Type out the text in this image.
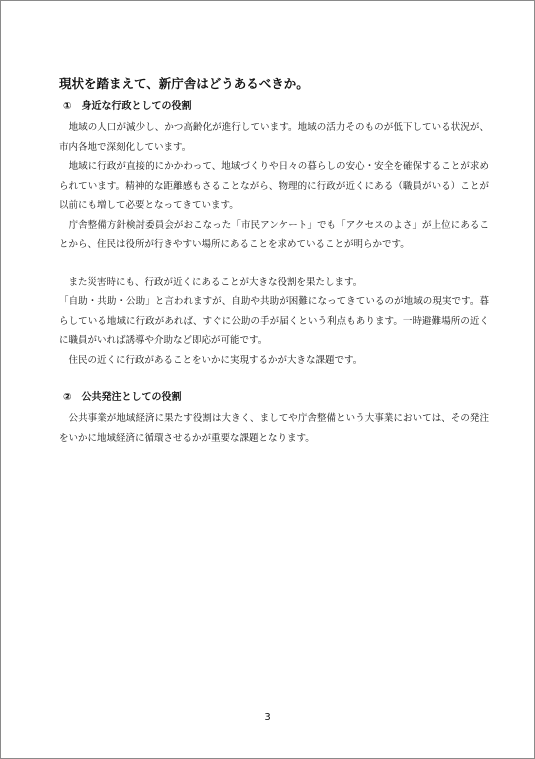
現状を踏まえて、新庁舎はどうあるべきか。
①　身近な行政としての役割

　地域の人口が減少し、かつ高齢化が進行しています。地域の活力そのものが低下している状況が、市内各地で深刻化しています。

　地域に行政が直接的にかかわって、地域づくりや日々の暮らしの安心・安全を確保することが求められています。精神的な距離感もさることながら、物理的に行政が近くにある（職員がいる）ことが以前にも増して必要となってきています。

　庁舎整備方針検討委員会がおこなった「市民アンケート」でも「アクセスのよさ」が上位にあることから、住民は役所が行きやすい場所にあることを求めていることが明らかです。

　また災害時にも、行政が近くにあることが大きな役割を果たします。

「自助・共助・公助」と言われますが、自助や共助が困難になってきているのが地域の現実です。暮らしている地域に行政があれば、すぐに公助の手が届くという利点もあります。一時避難場所の近くに職員がいれば誘導や介助など即応が可能です。

　住民の近くに行政があることをいかに実現するかが大きな課題です。

②　公共発注としての役割

　公共事業が地域経済に果たす役割は大きく、ましてや庁舎整備という大事業においては、その発注をいかに地域経済に循環させるかが重要な課題となります。

3
